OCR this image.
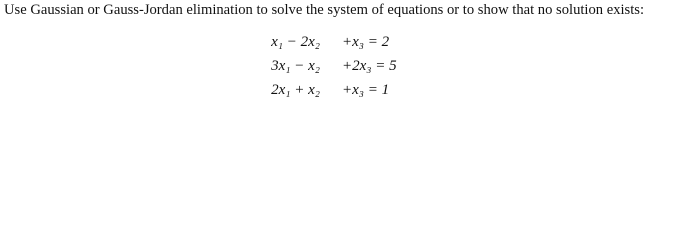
Use Gaussian or Gauss-Jordan elimination to solve the system of equations or to show that no solution exists:

x₁ − 2x₂ +x₃ = 2
3x₁ − x₂ +2x₃ = 5
2x₁ + x₂ +x₃ = 1
